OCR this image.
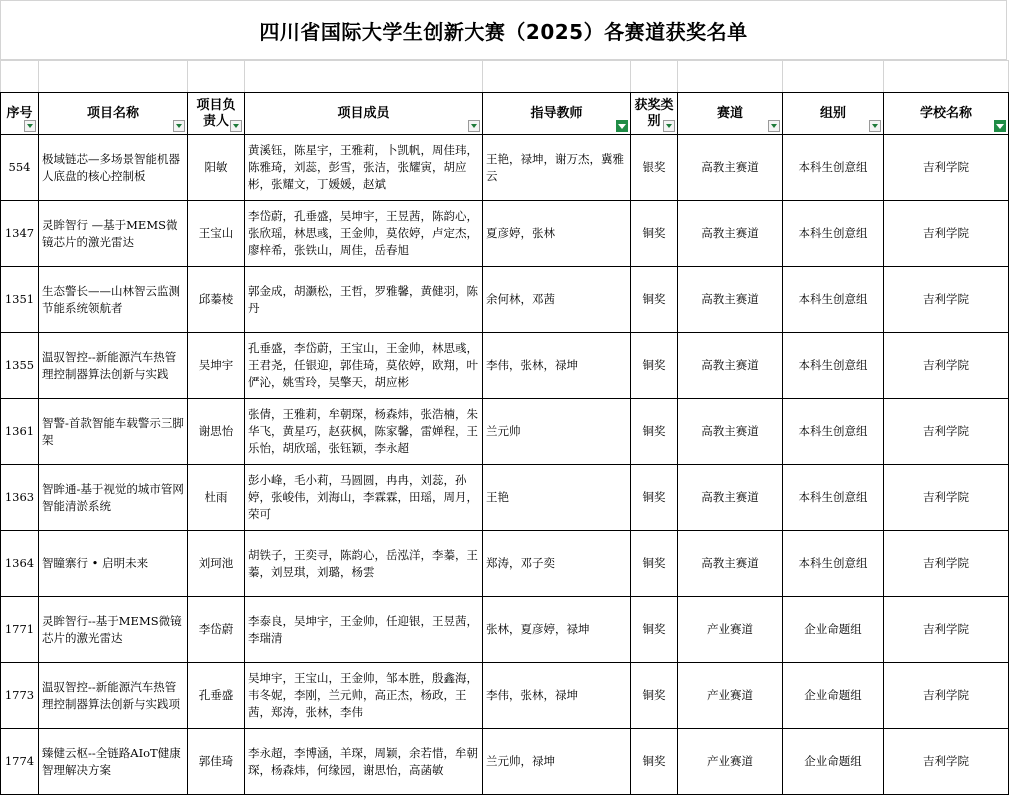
四川省国际大学生创新大赛（2025）各赛道获奖名单

序号	项目名称	项目负责人	项目成员	指导教师	获奖类别	赛道	组别	学校名称

554	极域链芯—多场景智能机器人底盘的核心控制板	阳敏	黄溪钰，陈星宇，王雅莉，卜凯帆，周佳玮，陈雅琦，刘蕊，彭雪，张洁，张耀寅，胡应彬，张耀文，丁媛媛，赵斌	王艳，禄坤，谢万杰，冀雅云	银奖	高教主赛道	本科生创意组	吉利学院
1347	灵眸智行 —基于MEMS微镜芯片的激光雷达	王宝山	李岱蔚，孔垂盛，吴坤宇，王昱茜，陈韵心，张欣瑶，林思彧，王金帅，莫依婷，卢定杰，廖梓希，张铁山，周佳，岳春旭	夏彦婷，张林	铜奖	高教主赛道	本科生创意组	吉利学院
1351	生态警长——山林智云监测节能系统领航者	邱蓁棱	郭金成，胡灏松，王哲，罗雅馨，黄健羽，陈丹	余何林，邓茜	铜奖	高教主赛道	本科生创意组	吉利学院
1355	温驭智控--新能源汽车热管理控制器算法创新与实践	吴坤宇	孔垂盛，李岱蔚，王宝山，王金帅，林思彧，王君尧，任银迎，郭佳琦，莫依婷，欧翔，叶俨沁，姚雪玲，吴擎天，胡应彬	李伟，张林，禄坤	铜奖	高教主赛道	本科生创意组	吉利学院
1361	智警-首款智能车载警示三脚架	谢思怡	张倩，王雅莉，牟朝琛，杨森炜，张浩楠，朱华飞，黄星巧，赵荻枫，陈家馨，雷婵程，王乐怡，胡欣瑶，张钰颖，李永超	兰元帅	铜奖	高教主赛道	本科生创意组	吉利学院
1363	智眸通-基于视觉的城市管网智能清淤系统	杜雨	彭小峰，毛小莉，马圆圆，冉冉，刘蕊，孙婷，张峻伟，刘海山，李霖霖，田瑶，周月，荣可	王艳	铜奖	高教主赛道	本科生创意组	吉利学院
1364	智瞳寨行 • 启明未来	刘珂池	胡铁子，王奕寻，陈韵心，岳泓洋，李蓁，王蓁，刘昱琪，刘璐，杨雲	郑涛，邓子奕	铜奖	高教主赛道	本科生创意组	吉利学院
1771	灵眸智行--基于MEMS微镜芯片的激光雷达	李岱蔚	李泰良，吴坤宇，王金帅，任迎银，王昱茜，李瑞清	张林，夏彦婷，禄坤	铜奖	产业赛道	企业命题组	吉利学院
1773	温驭智控--新能源汽车热管理控制器算法创新与实践项	孔垂盛	吴坤宇，王宝山，王金帅，邹本胜，殷鑫海，韦冬妮，李刚，兰元帅，高正杰，杨政，王茜，郑涛，张林，李伟	李伟，张林，禄坤	铜奖	产业赛道	企业命题组	吉利学院
1774	臻健云枢--全链路AIoT健康智理解决方案	郭佳琦	李永超，李博涵，羊琛，周颖，余若惜，牟朝琛，杨森炜，何缘园，谢思怡，高菡敏	兰元帅，禄坤	铜奖	产业赛道	企业命题组	吉利学院
